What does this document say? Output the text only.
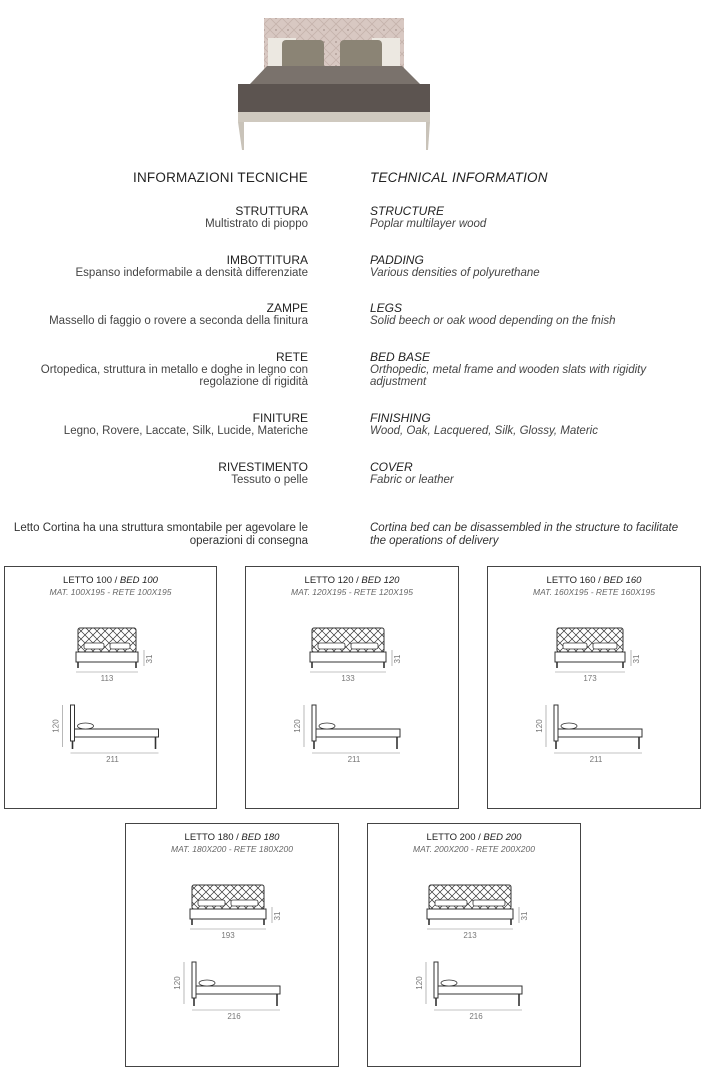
INFORMAZIONI TECNICHE	TECHNICAL INFORMATION
STRUTTURA
Multistrato di pioppo
STRUCTURE
Poplar multilayer wood
IMBOTTITURA
Espanso indeformabile a densità differenziate
PADDING
Various densities of polyurethane
ZAMPE
Massello di faggio o rovere a seconda della finitura
LEGS
Solid beech or oak wood depending on the fnish
RETE
Ortopedica, struttura in metallo e doghe in legno con regolazione di rigidità
BED BASE
Orthopedic, metal frame and wooden slats with rigidity adjustment
FINITURE
Legno, Rovere, Laccate, Silk, Lucide, Materiche
FINISHING
Wood, Oak, Lacquered, Silk, Glossy, Materic
RIVESTIMENTO
Tessuto o pelle
COVER
Fabric or leather
Letto Cortina ha una struttura smontabile per agevolare le operazioni di consegna
Cortina bed can be disassembled in the structure to facilitate the operations of delivery
LETTO 100 / BED 100
MAT. 100X195 - RETE 100X195
113
31
211
120
LETTO 120 / BED 120
MAT. 120X195 - RETE 120X195
133
31
211
120
LETTO 160 / BED 160
MAT. 160X195 - RETE 160X195
173
31
211
120
LETTO 180 / BED 180
MAT. 180X200 - RETE 180X200
193
31
216
120
LETTO 200 / BED 200
MAT. 200X200 - RETE 200X200
213
31
216
120
